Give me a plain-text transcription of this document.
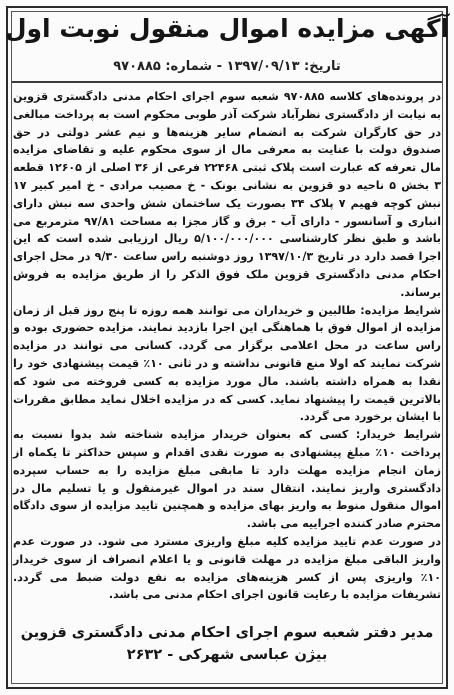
آگهی مزایده اموال منقول نوبت اول
تاریخ: ۱۳۹۷/۰۹/۱۳ - شماره: ۹۷۰۸۸۵

در پرونده‌های کلاسه ۹۷۰۸۸۵ شعبه سوم اجرای احکام مدنی دادگستری قزوین به نیابت از دادگستری نظرآباد شرکت آذر طوبی محکوم است به پرداخت مبالغی در حق کارگران شرکت به انضمام سایر هزینه‌ها و نیم عشر دولتی در حق صندوق دولت با عنایت به معرفی مال از سوی محکوم علیه و تقاضای مزایده مال تعرفه که عبارت است پلاک ثبتی ۲۲۴۶۸ فرعی از ۳۶ اصلی از ۱۲۶۰۵ قطعه ۳ بخش ۵ ناحیه دو قزوین به نشانی بونک - خ مصیب مرادی - خ امیر کبیر ۱۷ نبش کوچه فهیم ۷ پلاک ۳۴ بصورت یک ساختمان شش واحدی سه نبش دارای انباری و آسانسور - دارای آب - برق و گاز مجزا به مساحت ۹۷/۸۱ مترمربع می باشد و طبق نظر کارشناسی ۵/۱۰۰/۰۰۰/۰۰۰ ریال ارزیابی شده است که این اجرا قصد دارد در تاریخ ۱۳۹۷/۱۰/۳ روز دوشنبه راس ساعت ۹/۳۰ در محل اجرای احکام مدنی دادگستری قزوین ملک فوق الذکر را از طریق مزایده به فروش برساند.

شرایط مزایده: طالبین و خریداران می توانند همه روزه تا پنج روز قبل از زمان مزایده از اموال فوق با هماهنگی این اجرا بازدید نمایند. مزایده حضوری بوده و راس ساعت در محل اعلامی برگزار می گردد. کسانی می توانند در مزایده شرکت نمایند که اولا منع قانونی نداشته و در ثانی ۱۰٪ قیمت پیشنهادی خود را نقدا به همراه داشته باشند. مال مورد مزایده به کسی فروخته می شود که بالاترین قیمت را پیشنهاد نماید. کسی که در مزایده اخلال نماید مطابق مقررات با ایشان برخورد می گردد.

شرایط خریدار: کسی که بعنوان خریدار مزایده شناخته شد بدوا نسبت به پرداخت ۱۰٪ مبلغ پیشنهادی به صورت نقدی اقدام و سپس حداکثر تا یکماه از زمان انجام مزایده مهلت دارد تا مابقی مبلغ مزایده را به حساب سپرده دادگستری واریز نمایند. انتقال سند در اموال غیرمنقول و یا تسلیم مال در اموال منقول منوط به واریز بهای مزایده و همچنین تایید مزایده از سوی دادگاه محترم صادر کننده اجراییه می باشد.

در صورت عدم تایید مزایده کلیه مبلغ واریزی مسترد می شود. در صورت عدم واریز الباقی مبلغ مزایده در مهلت قانونی و یا اعلام انصراف از سوی خریدار ۱۰٪ واریزی پس از کسر هزینه‌های مزایده به نفع دولت ضبط می گردد. تشریفات مزایده با رعایت قانون اجرای احکام مدنی می باشد.

مدیر دفتر شعبه سوم اجرای احکام مدنی دادگستری قزوین
بیژن عباسی شهرکی - ۲۶۳۲
